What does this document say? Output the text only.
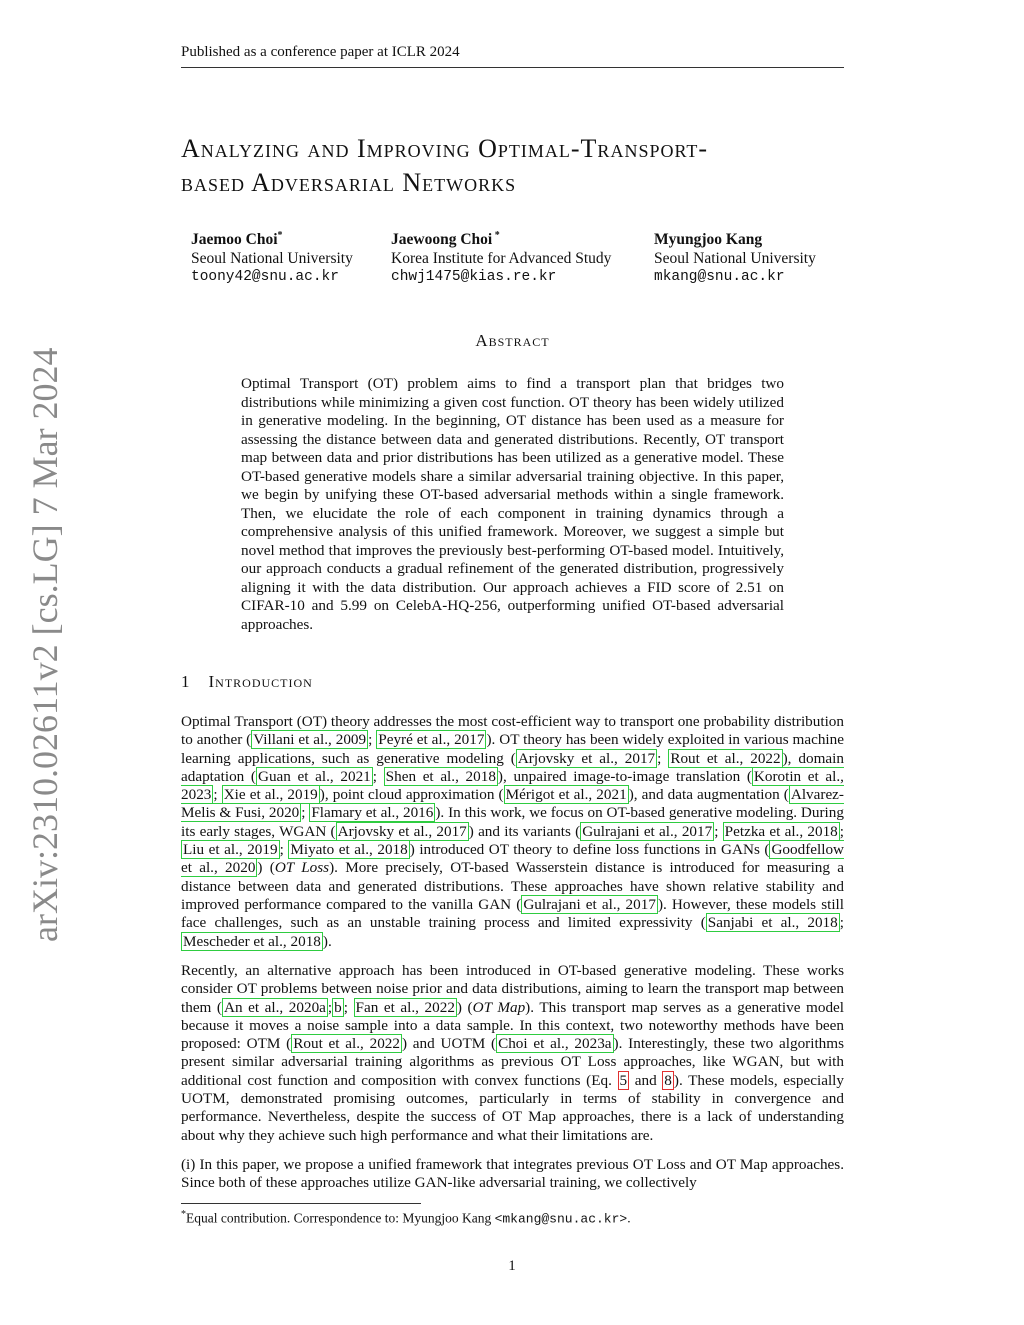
Published as a conference paper at ICLR 2024
Analyzing and Improving Optimal-Transport-
based Adversarial Networks
Jaemoo Choi*
Seoul National University
toony42@snu.ac.kr
Jaewoong Choi *
Korea Institute for Advanced Study
chwj1475@kias.re.kr
Myungjoo Kang
Seoul National University
mkang@snu.ac.kr
Abstract

Optimal Transport (OT) problem aims to find a transport plan that bridges two distributions while minimizing a given cost function. OT theory has been widely utilized in generative modeling. In the beginning, OT distance has been used as a measure for assessing the distance between data and generated distributions. Recently, OT transport map between data and prior distributions has been utilized as a generative model. These OT-based generative models share a similar adversarial training objective. In this paper, we begin by unifying these OT-based adversarial methods within a single framework. Then, we elucidate the role of each component in training dynamics through a comprehensive analysis of this unified framework. Moreover, we suggest a simple but novel method that improves the previously best-performing OT-based model. Intuitively, our approach conducts a gradual refinement of the generated distribution, progressively aligning it with the data distribution. Our approach achieves a FID score of 2.51 on CIFAR-10 and 5.99 on CelebA-HQ-256, outperforming unified OT-based adversarial approaches.

1 Introduction

Optimal Transport (OT) theory addresses the most cost-efficient way to transport one probability distribution to another ( Villani et al., 2009 ; Peyré et al., 2017 ). OT theory has been widely exploited in various machine learning applications, such as generative modeling ( Arjovsky et al., 2017 ; Rout et al., 2022 ), domain adaptation ( Guan et al., 2021 ; Shen et al., 2018 ), unpaired image-to-image translation ( Korotin et al., 2023 ; Xie et al., 2019 ), point cloud approximation ( Mérigot et al., 2021 ), and data augmentation ( Alvarez-Melis & Fusi, 2020 ; Flamary et al., 2016 ). In this work, we focus on OT-based generative modeling. During its early stages, WGAN ( Arjovsky et al., 2017 ) and its variants ( Gulrajani et al., 2017 ; Petzka et al., 2018 ; Liu et al., 2019 ; Miyato et al., 2018 ) introduced OT theory to define loss functions in GANs ( Goodfellow et al., 2020 ) (OT Loss). More precisely, OT-based Wasserstein distance is introduced for measuring a distance between data and generated distributions. These approaches have shown relative stability and improved performance compared to the vanilla GAN ( Gulrajani et al., 2017 ). However, these models still face challenges, such as an unstable training process and limited expressivity ( Sanjabi et al., 2018 ; Mescheder et al., 2018 ).

Recently, an alternative approach has been introduced in OT-based generative modeling. These works consider OT problems between noise prior and data distributions, aiming to learn the transport map between them ( An et al., 2020a ; b ; Fan et al., 2022 ) (OT Map). This transport map serves as a generative model because it moves a noise sample into a data sample. In this context, two noteworthy methods have been proposed: OTM ( Rout et al., 2022 ) and UOTM ( Choi et al., 2023a ). Interestingly, these two algorithms present similar adversarial training algorithms as previous OT Loss approaches, like WGAN, but with additional cost function and composition with convex functions (Eq. 5 and 8 ). These models, especially UOTM, demonstrated promising outcomes, particularly in terms of stability in convergence and performance. Nevertheless, despite the success of OT Map approaches, there is a lack of understanding about why they achieve such high performance and what their limitations are.

(i) In this paper, we propose a unified framework that integrates previous OT Loss and OT Map approaches. Since both of these approaches utilize GAN-like adversarial training, we collectively

*Equal contribution. Correspondence to: Myungjoo Kang <mkang@snu.ac.kr>.
1
arXiv:2310.02611v2 [cs.LG] 7 Mar 2024
